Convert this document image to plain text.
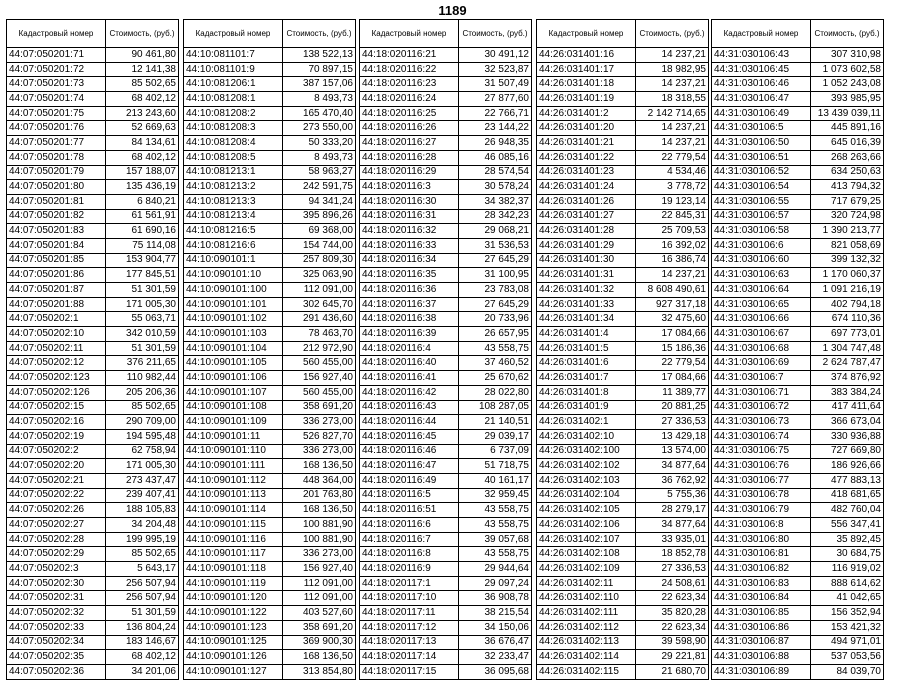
1189
Кадастровый номер	Стоимость, (руб.)
44:07:050201:71	90 461,80
44:07:050201:72	12 141,38
44:07:050201:73	85 502,65
44:07:050201:74	68 402,12
44:07:050201:75	213 243,60
44:07:050201:76	52 669,63
44:07:050201:77	84 134,61
44:07:050201:78	68 402,12
44:07:050201:79	157 188,07
44:07:050201:80	135 436,19
44:07:050201:81	6 840,21
44:07:050201:82	61 561,91
44:07:050201:83	61 690,16
44:07:050201:84	75 114,08
44:07:050201:85	153 904,77
44:07:050201:86	177 845,51
44:07:050201:87	51 301,59
44:07:050201:88	171 005,30
44:07:050202:1	55 063,71
44:07:050202:10	342 010,59
44:07:050202:11	51 301,59
44:07:050202:12	376 211,65
44:07:050202:123	110 982,44
44:07:050202:126	205 206,36
44:07:050202:15	85 502,65
44:07:050202:16	290 709,00
44:07:050202:19	194 595,48
44:07:050202:2	62 758,94
44:07:050202:20	171 005,30
44:07:050202:21	273 437,47
44:07:050202:22	239 407,41
44:07:050202:26	188 105,83
44:07:050202:27	34 204,48
44:07:050202:28	199 995,19
44:07:050202:29	85 502,65
44:07:050202:3	5 643,17
44:07:050202:30	256 507,94
44:07:050202:31	256 507,94
44:07:050202:32	51 301,59
44:07:050202:33	136 804,24
44:07:050202:34	183 146,67
44:07:050202:35	68 402,12
44:07:050202:36	34 201,06
Кадастровый номер	Стоимость, (руб.)
44:10:081101:7	138 522,13
44:10:081101:9	70 897,15
44:10:081206:1	387 157,06
44:10:081208:1	8 493,73
44:10:081208:2	165 470,40
44:10:081208:3	273 550,00
44:10:081208:4	50 333,20
44:10:081208:5	8 493,73
44:10:081213:1	58 963,27
44:10:081213:2	242 591,75
44:10:081213:3	94 341,24
44:10:081213:4	395 896,26
44:10:081216:5	69 368,00
44:10:081216:6	154 744,00
44:10:090101:1	257 809,30
44:10:090101:10	325 063,90
44:10:090101:100	112 091,00
44:10:090101:101	302 645,70
44:10:090101:102	291 436,60
44:10:090101:103	78 463,70
44:10:090101:104	212 972,90
44:10:090101:105	560 455,00
44:10:090101:106	156 927,40
44:10:090101:107	560 455,00
44:10:090101:108	358 691,20
44:10:090101:109	336 273,00
44:10:090101:11	526 827,70
44:10:090101:110	336 273,00
44:10:090101:111	168 136,50
44:10:090101:112	448 364,00
44:10:090101:113	201 763,80
44:10:090101:114	168 136,50
44:10:090101:115	100 881,90
44:10:090101:116	100 881,90
44:10:090101:117	336 273,00
44:10:090101:118	156 927,40
44:10:090101:119	112 091,00
44:10:090101:120	112 091,00
44:10:090101:122	403 527,60
44:10:090101:123	358 691,20
44:10:090101:125	369 900,30
44:10:090101:126	168 136,50
44:10:090101:127	313 854,80
Кадастровый номер	Стоимость, (руб.)
44:18:020116:21	30 491,12
44:18:020116:22	32 523,87
44:18:020116:23	31 507,49
44:18:020116:24	27 877,60
44:18:020116:25	22 766,71
44:18:020116:26	23 144,22
44:18:020116:27	26 948,35
44:18:020116:28	46 085,16
44:18:020116:29	28 574,54
44:18:020116:3	30 578,24
44:18:020116:30	34 382,37
44:18:020116:31	28 342,23
44:18:020116:32	29 068,21
44:18:020116:33	31 536,53
44:18:020116:34	27 645,29
44:18:020116:35	31 100,95
44:18:020116:36	23 783,08
44:18:020116:37	27 645,29
44:18:020116:38	20 733,96
44:18:020116:39	26 657,95
44:18:020116:4	43 558,75
44:18:020116:40	37 460,52
44:18:020116:41	25 670,62
44:18:020116:42	28 022,80
44:18:020116:43	108 287,05
44:18:020116:44	21 140,51
44:18:020116:45	29 039,17
44:18:020116:46	6 737,09
44:18:020116:47	51 718,75
44:18:020116:49	40 161,17
44:18:020116:5	32 959,45
44:18:020116:51	43 558,75
44:18:020116:6	43 558,75
44:18:020116:7	39 057,68
44:18:020116:8	43 558,75
44:18:020116:9	29 944,64
44:18:020117:1	29 097,24
44:18:020117:10	36 908,78
44:18:020117:11	38 215,54
44:18:020117:12	34 150,06
44:18:020117:13	36 676,47
44:18:020117:14	32 233,47
44:18:020117:15	36 095,68
Кадастровый номер	Стоимость, (руб.)
44:26:031401:16	14 237,21
44:26:031401:17	18 982,95
44:26:031401:18	14 237,21
44:26:031401:19	18 318,55
44:26:031401:2	2 142 714,65
44:26:031401:20	14 237,21
44:26:031401:21	14 237,21
44:26:031401:22	22 779,54
44:26:031401:23	4 534,46
44:26:031401:24	3 778,72
44:26:031401:26	19 123,14
44:26:031401:27	22 845,31
44:26:031401:28	25 709,53
44:26:031401:29	16 392,02
44:26:031401:30	16 386,74
44:26:031401:31	14 237,21
44:26:031401:32	8 608 490,61
44:26:031401:33	927 317,18
44:26:031401:34	32 475,60
44:26:031401:4	17 084,66
44:26:031401:5	15 186,36
44:26:031401:6	22 779,54
44:26:031401:7	17 084,66
44:26:031401:8	11 389,77
44:26:031401:9	20 881,25
44:26:031402:1	27 336,53
44:26:031402:10	13 429,18
44:26:031402:100	13 574,00
44:26:031402:102	34 877,64
44:26:031402:103	36 762,92
44:26:031402:104	5 755,36
44:26:031402:105	28 279,17
44:26:031402:106	34 877,64
44:26:031402:107	33 935,01
44:26:031402:108	18 852,78
44:26:031402:109	27 336,53
44:26:031402:11	24 508,61
44:26:031402:110	22 623,34
44:26:031402:111	35 820,28
44:26:031402:112	22 623,34
44:26:031402:113	39 598,90
44:26:031402:114	29 221,81
44:26:031402:115	21 680,70
Кадастровый номер	Стоимость, (руб.)
44:31:030106:43	307 310,98
44:31:030106:45	1 073 602,58
44:31:030106:46	1 052 243,08
44:31:030106:47	393 985,95
44:31:030106:49	13 439 039,11
44:31:030106:5	445 891,16
44:31:030106:50	645 016,39
44:31:030106:51	268 263,66
44:31:030106:52	634 250,63
44:31:030106:54	413 794,32
44:31:030106:55	717 679,25
44:31:030106:57	320 724,98
44:31:030106:58	1 390 213,77
44:31:030106:6	821 058,69
44:31:030106:60	399 132,32
44:31:030106:63	1 170 060,37
44:31:030106:64	1 091 216,19
44:31:030106:65	402 794,18
44:31:030106:66	674 110,36
44:31:030106:67	697 773,01
44:31:030106:68	1 304 747,48
44:31:030106:69	2 624 787,47
44:31:030106:7	374 876,92
44:31:030106:71	383 384,24
44:31:030106:72	417 411,64
44:31:030106:73	366 673,04
44:31:030106:74	330 936,88
44:31:030106:75	727 669,80
44:31:030106:76	186 926,66
44:31:030106:77	477 883,13
44:31:030106:78	418 681,65
44:31:030106:79	482 760,04
44:31:030106:8	556 347,41
44:31:030106:80	35 892,45
44:31:030106:81	30 684,75
44:31:030106:82	116 919,02
44:31:030106:83	888 614,62
44:31:030106:84	41 042,65
44:31:030106:85	156 352,94
44:31:030106:86	153 421,32
44:31:030106:87	494 971,01
44:31:030106:88	537 053,56
44:31:030106:89	84 039,70
